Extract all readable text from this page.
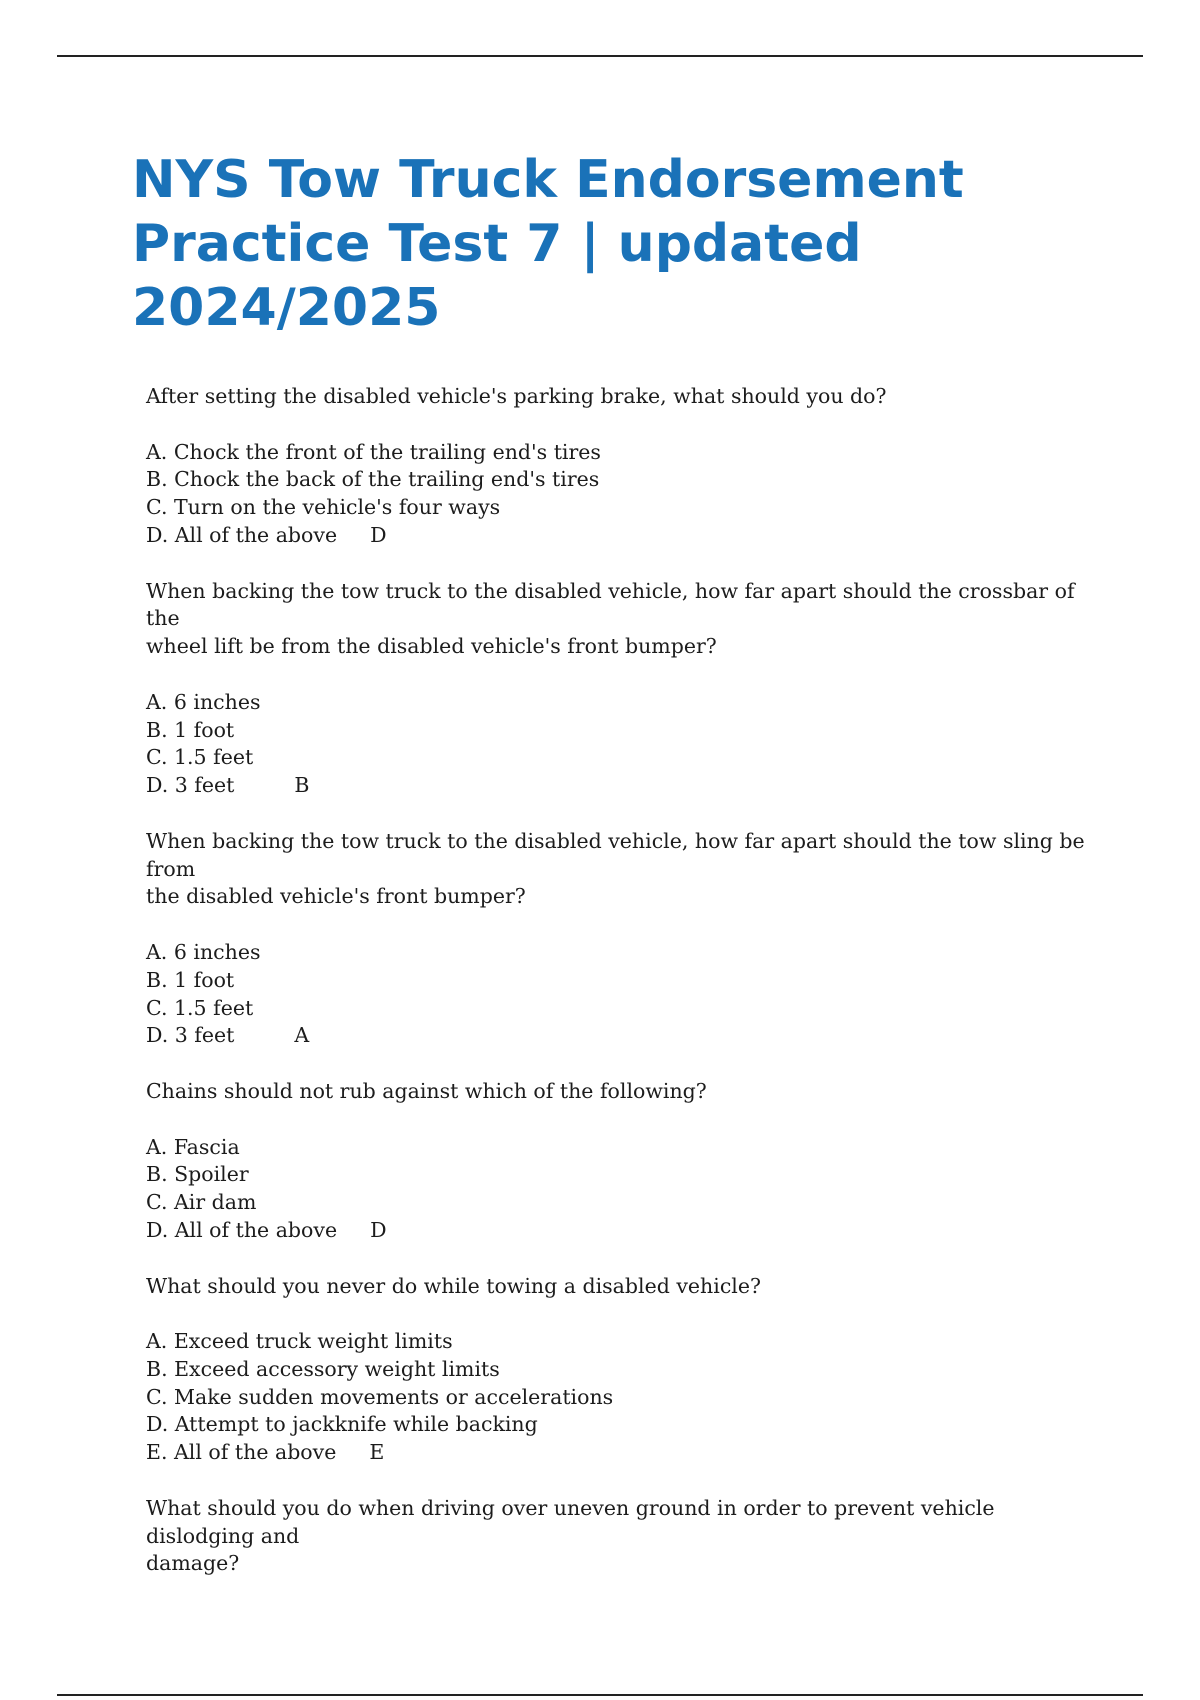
NYS Tow Truck Endorsement
Practice Test 7 | updated
2024/2025

After setting the disabled vehicle's parking brake, what should you do?

A. Chock the front of the trailing end's tires

B. Chock the back of the trailing end's tires

C. Turn on the vehicle's four ways

D. All of the above D

When backing the tow truck to the disabled vehicle, how far apart should the crossbar of the

wheel lift be from the disabled vehicle's front bumper?

A. 6 inches

B. 1 foot

C. 1.5 feet

D. 3 feet	B

When backing the tow truck to the disabled vehicle, how far apart should the tow sling be from

the disabled vehicle's front bumper?

A. 6 inches

B. 1 foot

C. 1.5 feet

D. 3 feet	A

Chains should not rub against which of the following?

A. Fascia

B. Spoiler

C. Air dam

D. All of the above D

What should you never do while towing a disabled vehicle?

A. Exceed truck weight limits

B. Exceed accessory weight limits

C. Make sudden movements or accelerations

D. Attempt to jackknife while backing

E. All of the above E

What should you do when driving over uneven ground in order to prevent vehicle dislodging and

damage?
